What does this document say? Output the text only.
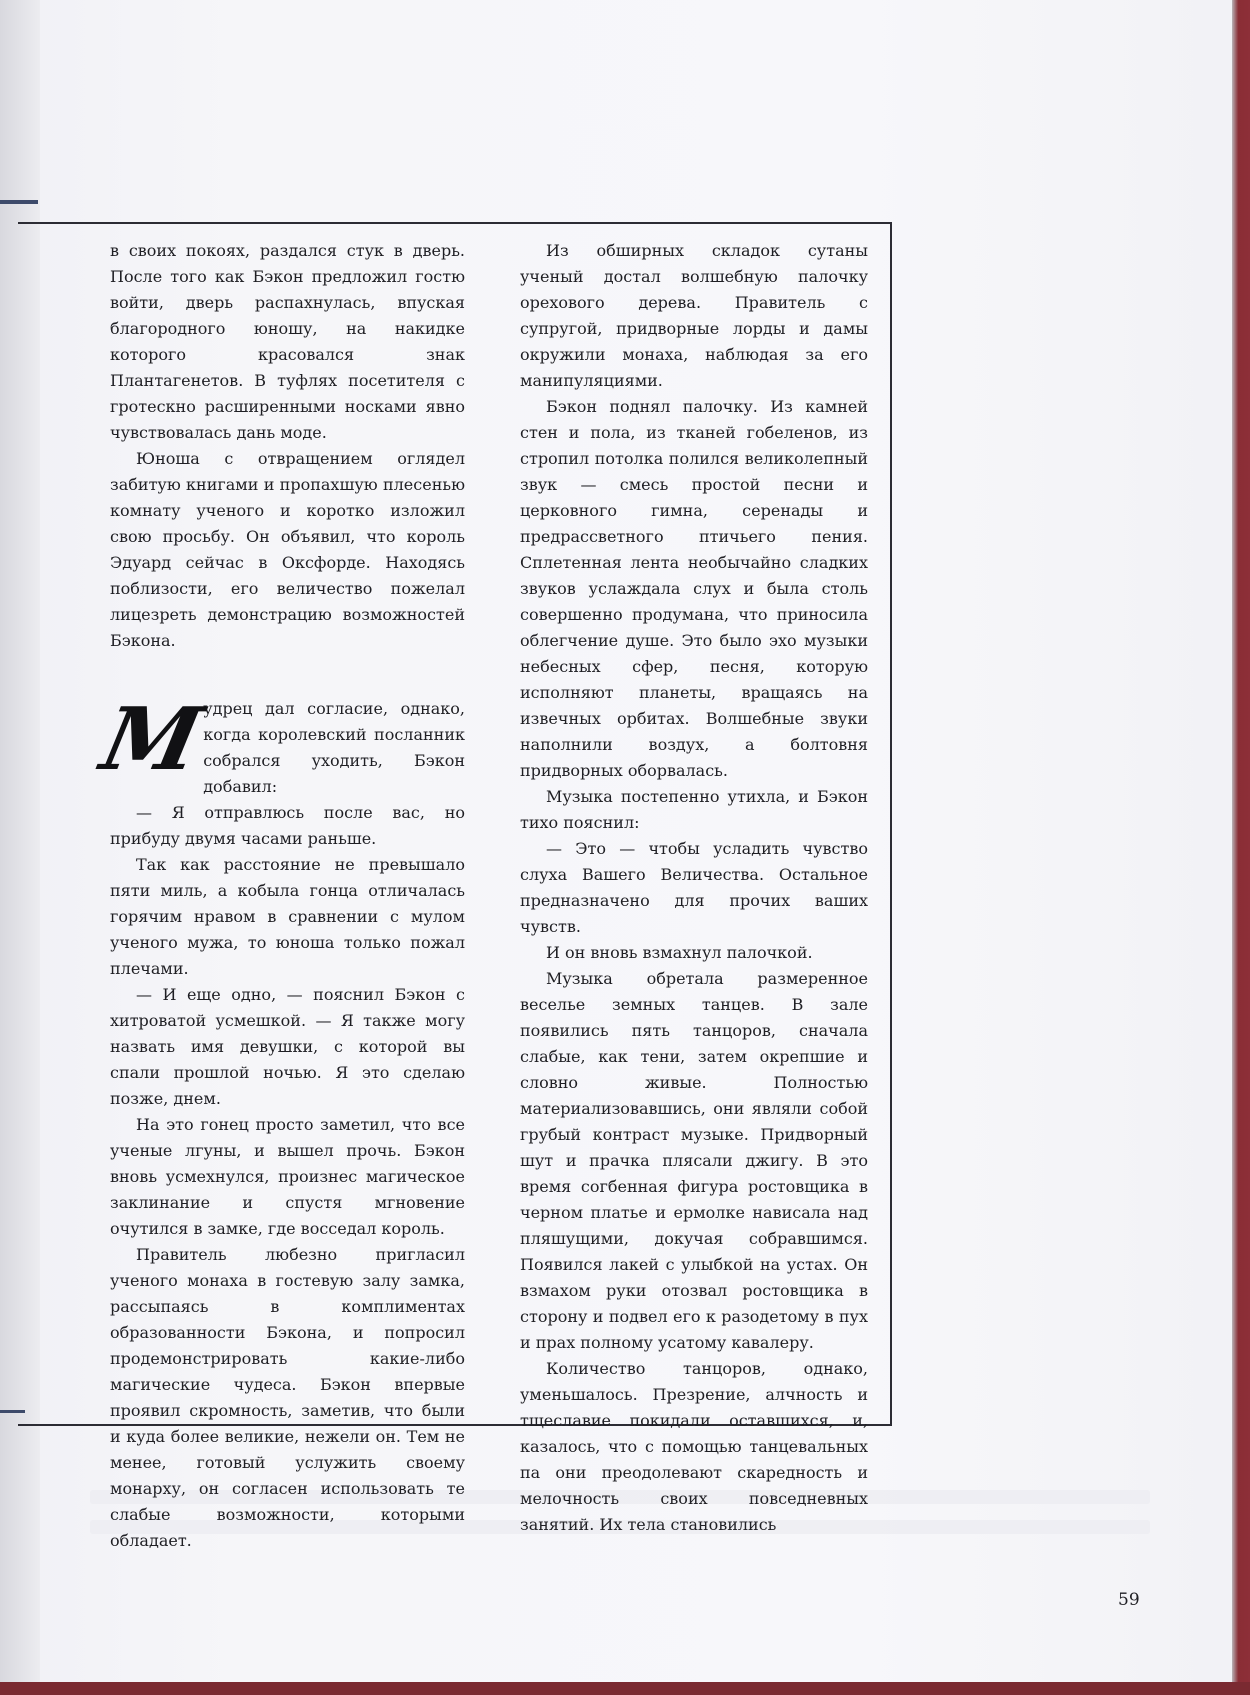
в своих покоях, раздался стук в дверь. После того как Бэкон предложил гостю войти, дверь распахнулась, впуская благородного юношу, на накидке которого красовался знак Плантагенетов. В туфлях посетителя с гротескно расширенными носками явно чувствовалась дань моде.

Юноша с отвращением оглядел забитую книгами и пропахшую плесенью комнату ученого и коротко изложил свою просьбу. Он объявил, что король Эдуард сейчас в Оксфорде. Находясь поблизости, его величество пожелал лицезреть демонстрацию возможностей Бэкона.

М
удрец дал согласие, однако, когда королевский посланник собрался уходить, Бэкон добавил:

— Я отправлюсь после вас, но прибуду двумя часами раньше.

Так как расстояние не превышало пяти миль, а кобыла гонца отличалась горячим нравом в сравнении с мулом ученого мужа, то юноша только пожал плечами.

— И еще одно, — пояснил Бэкон с хитроватой усмешкой. — Я также могу назвать имя девушки, с которой вы спали прошлой ночью. Я это сделаю позже, днем.

На это гонец просто заметил, что все ученые лгуны, и вышел прочь. Бэкон вновь усмехнулся, произнес магическое заклинание и спустя мгновение очутился в замке, где восседал король.

Правитель любезно пригласил ученого монаха в гостевую залу замка, рассыпаясь в комплиментах образованности Бэкона, и попросил продемонстрировать какие-либо магические чудеса. Бэкон впервые проявил скромность, заметив, что были и куда более великие, нежели он. Тем не менее, готовый услужить своему монарху, он согласен использовать те слабые возможности, которыми обладает.

Из обширных складок сутаны ученый достал волшебную палочку орехового дерева. Правитель с супругой, придворные лорды и дамы окружили монаха, наблюдая за его манипуляциями.

Бэкон поднял палочку. Из камней стен и пола, из тканей гобеленов, из стропил потолка полился великолепный звук — смесь простой песни и церковного гимна, серенады и предрассветного птичьего пения. Сплетенная лента необычайно сладких звуков услаждала слух и была столь совершенно продумана, что приносила облегчение душе. Это было эхо музыки небесных сфер, песня, которую исполняют планеты, вращаясь на извечных орбитах. Волшебные звуки наполнили воздух, а болтовня придворных оборвалась.

Музыка постепенно утихла, и Бэкон тихо пояснил:

— Это — чтобы усладить чувство слуха Вашего Величества. Остальное предназначено для прочих ваших чувств.

И он вновь взмахнул палочкой.

Музыка обретала размеренное веселье земных танцев. В зале появились пять танцоров, сначала слабые, как тени, затем окрепшие и словно живые. Полностью материализовавшись, они являли собой грубый контраст музыке. Придворный шут и прачка плясали джигу. В это время согбенная фигура ростовщика в черном платье и ермолке нависала над пляшущими, докучая собравшимся. Появился лакей с улыбкой на устах. Он взмахом руки отозвал ростовщика в сторону и подвел его к разодетому в пух и прах полному усатому кавалеру.

Количество танцоров, однако, уменьшалось. Презрение, алчность и тщеславие покидали оставшихся, и, казалось, что с помощью танцевальных па они преодолевают скаредность и мелочность своих повседневных занятий. Их тела становились

59
